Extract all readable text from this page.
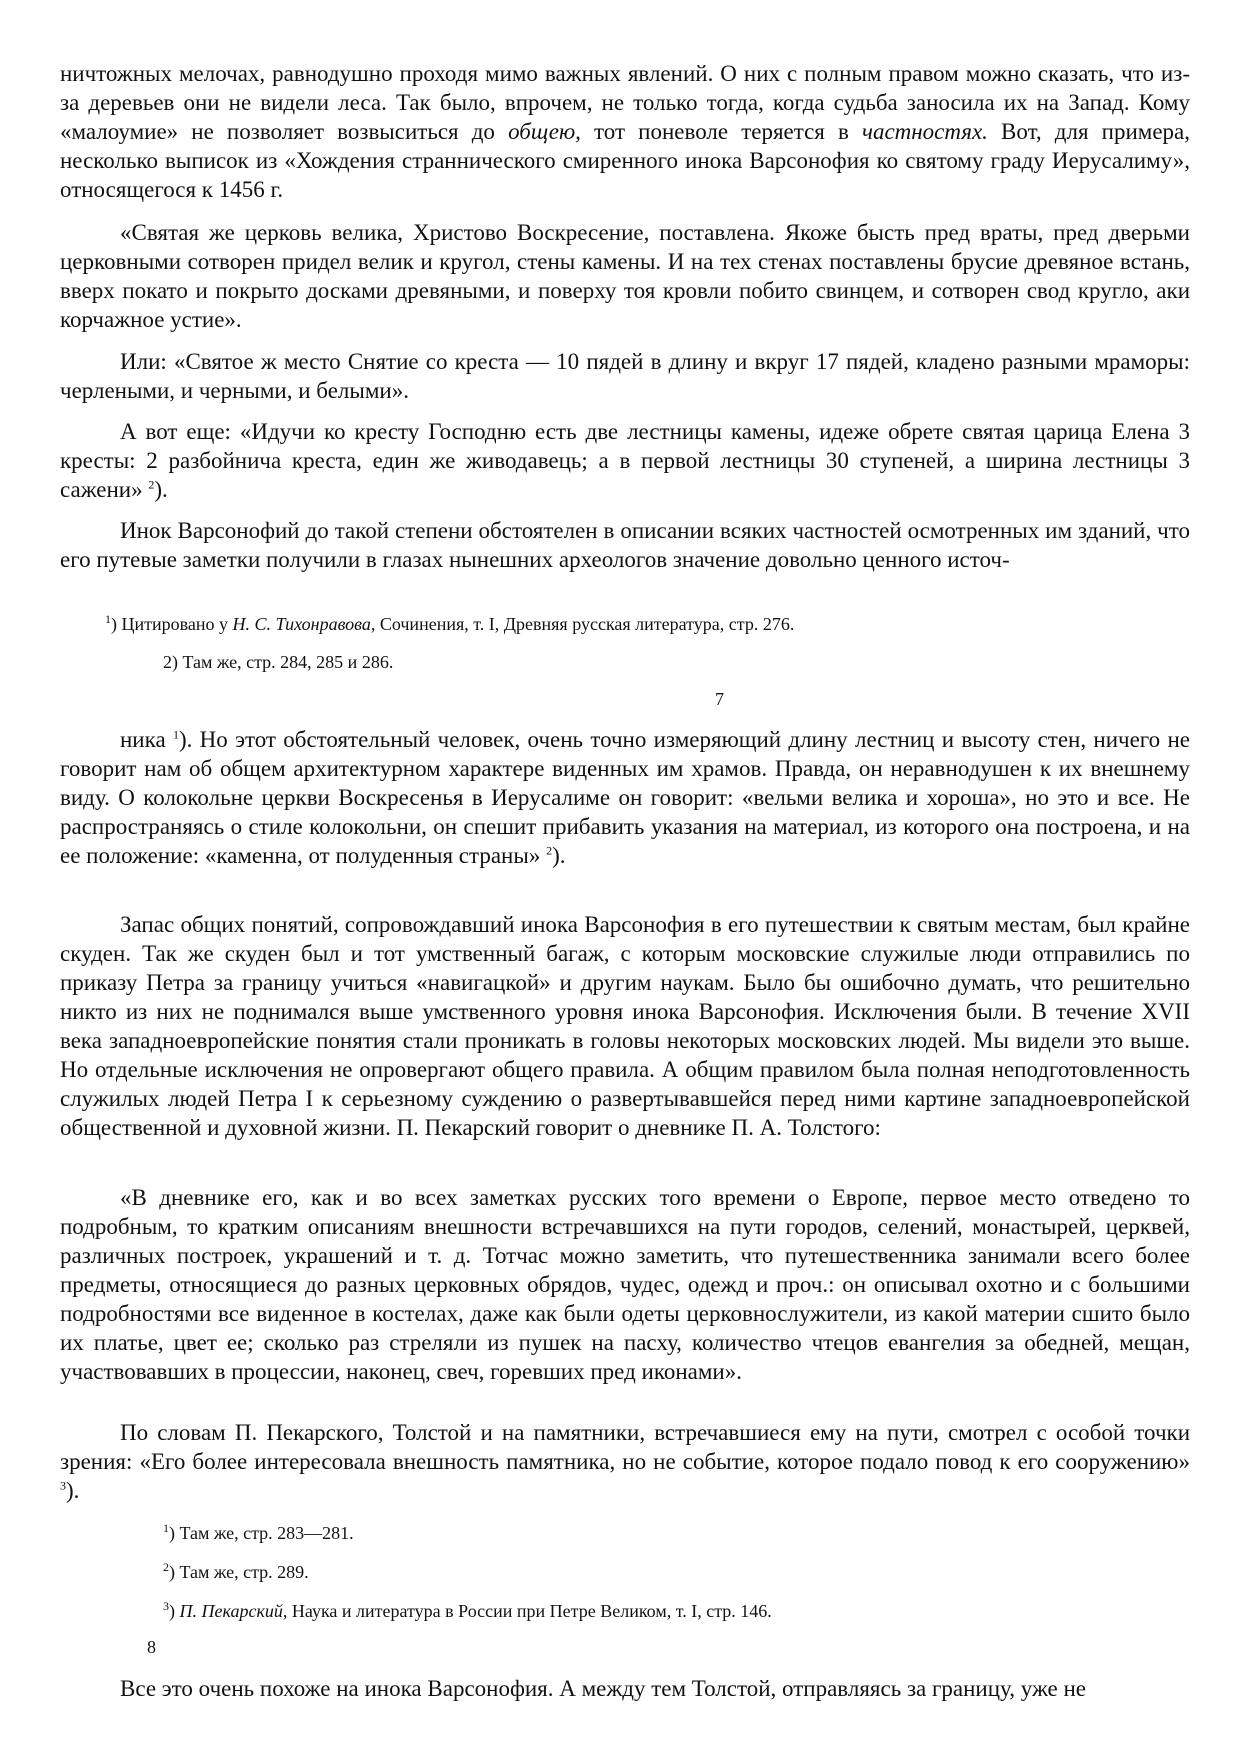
ничтожных мелочах, равнодушно проходя мимо важных явлений. О них с полным правом можно сказать, что из-за деревьев они не видели леса. Так было, впрочем, не только тогда, когда судьба заносила их на Запад. Кому «малоумие» не позволяет возвыситься до общею, тот поневоле теряется в частностях. Вот, для примера, несколько выписок из «Хождения страннического смиренного инока Варсонофия ко святому граду Иерусалиму», относящегося к 1456 г.

«Святая же церковь велика, Христово Воскресение, поставлена. Якоже бысть пред враты, пред дверьми церковными сотворен придел велик и кругол, стены камены. И на тех стенах поставлены брусие древяное встань, вверх покато и покрыто досками древяными, и поверху тоя кровли побито свинцем, и сотворен свод кругло, аки корчажное устие».

Или: «Святое ж место Снятие со креста — 10 пядей в длину и вкруг 17 пядей, кладено разными мраморы: черлеными, и черными, и белыми».

А вот еще: «Идучи ко кресту Господню есть две лестницы камены, идеже обрете святая царица Елена 3 кресты: 2 разбойнича креста, един же живодавець; а в первой лестницы 30 ступеней, а ширина лестницы 3 сажени» $^2$).

Инок Варсонофий до такой степени обстоятелен в описании всяких частностей осмотренных им зданий, что его путевые заметки получили в глазах нынешних археологов значение довольно ценного источ-

$^1$) Цитировано у Н. С. Тихонравова, Сочинения, т. I, Древняя русская литература, стр. 276.

2) Там же, стр. 284, 285 и 286.

7

ника $^1$). Но этот обстоятельный человек, очень точно измеряющий длину лестниц и высоту стен, ничего не говорит нам об общем архитектурном характере виденных им храмов. Правда, он неравнодушен к их внешнему виду. О колокольне церкви Воскресенья в Иерусалиме он говорит: «вельми велика и хороша», но это и все. Не распространяясь о стиле колокольни, он спешит прибавить указания на материал, из которого она построена, и на ее положение: «каменна, от полуденныя страны» $^2$).

Запас общих понятий, сопровождавший инока Варсонофия в его путешествии к святым местам, был крайне скуден. Так же скуден был и тот умственный багаж, с которым московские служилые люди отправились по приказу Петра за границу учиться «навигацкой» и другим наукам. Было бы ошибочно думать, что решительно никто из них не поднимался выше умственного уровня инока Варсонофия. Исключения были. В течение XVII века западноевропейские понятия стали проникать в головы некоторых московских людей. Мы видели это выше. Но отдельные исключения не опровергают общего правила. А общим правилом была полная неподготовленность служилых людей Петра I к серьезному суждению о развертывавшейся перед ними картине западноевропейской общественной и духовной жизни. П. Пекарский говорит о дневнике П. А. Толстого:

«В дневнике его, как и во всех заметках русских того времени о Европе, первое место отведено то подробным, то кратким описаниям внешности встречавшихся на пути городов, селений, монастырей, церквей, различных построек, украшений и т. д. Тотчас можно заметить, что путешественника занимали всего более предметы, относящиеся до разных церковных обрядов, чудес, одежд и проч.: он описывал охотно и с большими подробностями все виденное в костелах, даже как были одеты церковнослужители, из какой материи сшито было их платье, цвет ее; сколько раз стреляли из пушек на пасху, количество чтецов евангелия за обедней, мещан, участвовавших в процессии, наконец, свеч, горевших пред иконами».

По словам П. Пекарского, Толстой и на памятники, встречавшиеся ему на пути, смотрел с особой точки зрения: «Его более интересовала внешность памятника, но не событие, которое подало повод к его сооружению» $^3$).

$^1$) Там же, стр. 283—281.

$^2$) Там же, стр. 289.

$^3$) П. Пекарский, Наука и литература в России при Петре Великом, т. I, стр. 146.

8

Все это очень похоже на инока Варсонофия. А между тем Толстой, отправляясь за границу, уже не
